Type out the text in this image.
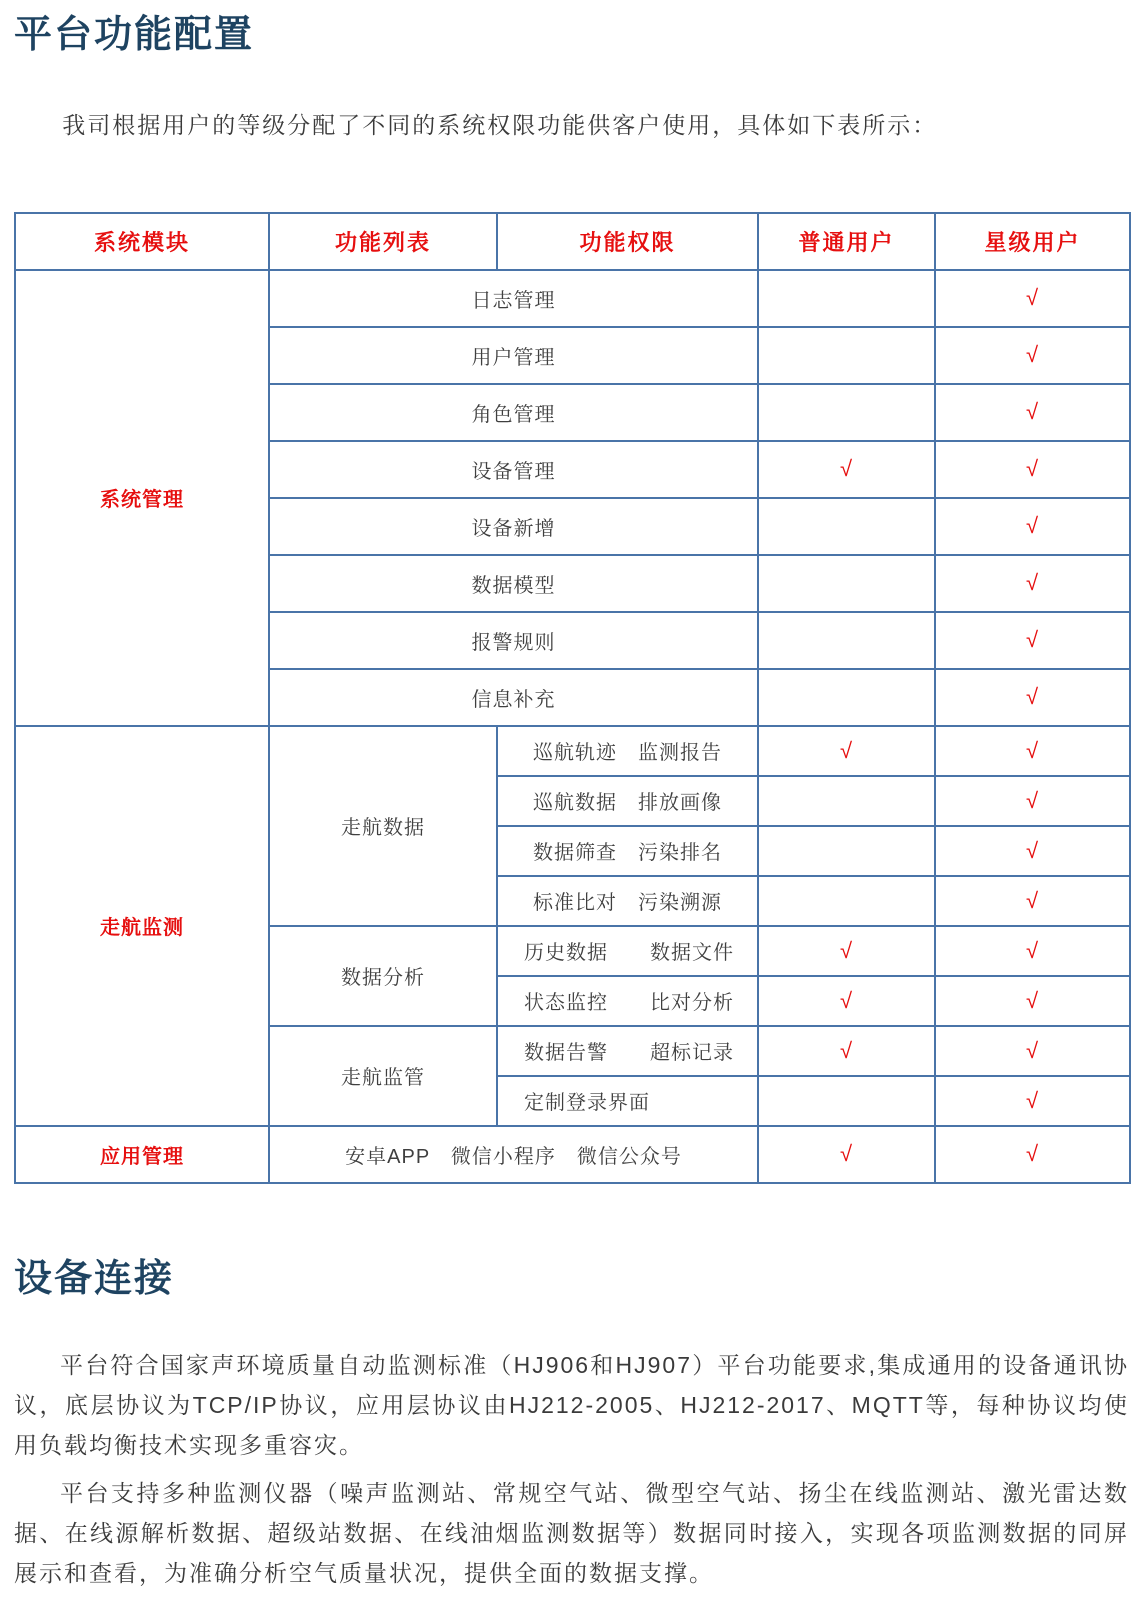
平台功能配置

我司根据用户的等级分配了不同的系统权限功能供客户使用，具体如下表所示：

系统模块	功能列表	功能权限	普通用户	星级用户
系统管理	日志管理			√
	用户管理			√
	角色管理			√
	设备管理		√	√
	设备新增			√
	数据模型			√
	报警规则			√
	信息补充			√
走航监测	走航数据	巡航轨迹　监测报告	√	√
		巡航数据　排放画像		√
		数据筛查　污染排名		√
		标准比对　污染溯源		√
	数据分析	历史数据　　数据文件	√	√
		状态监控　　比对分析	√	√
	走航监管	数据告警　　超标记录	√	√
		定制登录界面		√
应用管理	安卓APP　微信小程序　微信公众号		√	√
设备连接

平台符合国家声环境质量自动监测标准（HJ906和HJ907）平台功能要求,集成通用的设备通讯协议，底层协议为TCP/IP协议，应用层协议由HJ212-2005、HJ212-2017、MQTT等，每种协议均使用负载均衡技术实现多重容灾。

平台支持多种监测仪器（噪声监测站、常规空气站、微型空气站、扬尘在线监测站、激光雷达数据、在线源解析数据、超级站数据、在线油烟监测数据等）数据同时接入，实现各项监测数据的同屏展示和查看，为准确分析空气质量状况，提供全面的数据支撑。
